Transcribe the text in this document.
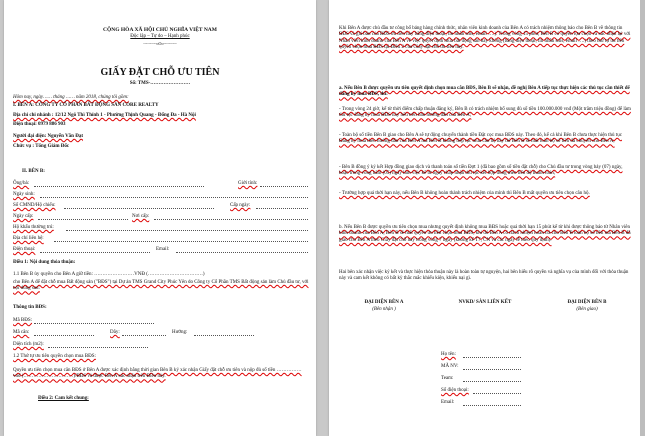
CỘNG HÒA XÃ HỘI CHỦ NGHĨA VIỆT NAM
Độc lập – Tự do – Hạnh phúc
----------oOo----------
GIẤY ĐẶT CHỖ ƯU TIÊN
Số: TMS-……………………
Hôm nay, ngày…… tháng …… năm 2018, chúng tôi gồm:
I. BÊN A: CÔNG TY CỔ PHẦN BẤT ĐỘNG SẢN CORE REALTY
Địa chỉ chi nhánh : 12/12 Ngô Thì Thính 1 - Phường Thịnh Quang - Đống Đa - Hà Nội
Điện thoại: 0979 886 903
Người đại diện: Nguyễn Văn Đạt
Chức vụ : Tổng Giám Đốc
II. BÊN B:
Ông/bà:	Giới tính:
Ngày sinh:
Số CMND/Hộ chiếu:	Cấp ngày:
Ngày cấp:	Nơi cấp:
Hộ khẩu thường trú:
Địa chỉ liên hệ:
Điện thoại:	Email:
Điều 1: Nội dung thỏa thuận:
1.1 Bên B ủy quyền cho Bên A giữ tiền: ……………………VNĐ (……………………………)
cho Bên A để đặt chỗ mua Bất động sản ("BĐS") tại Dự án TMS Grand City Phúc Yên do Công ty Cổ Phần TMS Bất động sản làm Chủ đầu tư, với nội dung sau:
Thông tin BĐS:
Mã BĐS:
Mã căn:	Dãy:	Hướng:
Diện tích (m2):
1.2 Thứ tự ưu tiên quyền chọn mua BĐS:
Quyền ưu tiên chọn mua căn BĐS ở Bên A được xác định bằng thời gian Bên B ký xác nhận Giấy đặt chỗ ưu tiên và nộp đủ số tiền ……………vnđ (…………………………)/BĐS và được Bên A xác nhận trên Điều này.
Điều 2: Cam kết chung:
Khi Bên A được chủ đầu tư công bố bảng hàng chính thức, nhân viên kinh doanh của Bên A có trách nhiệm thông báo cho Bên B về thông tin BĐS và giá bán của BĐS ưu tiên này bằng điện thoại, tin nhắn sms, email ….). Trong vòng 15 phút, Bên B có quyền lựa chọn và xác nhận lại với Nhân viên kinh doanh của Bên A về việc quyết định mua bất động sản hay không (bằng điện thoại, tin nhắn sms, email ….) theo thứ tự ưu tiên quyền chọn mua BĐS tại Điều 2 của Giấy đặt chỗ ưu tiên này.
a. Nếu Bên B được quyền ưu tiên quyết định chọn mua căn BĐS, Bên B sẽ nhận, đề nghị Bên A tiếp tục thực hiện các thủ tục cần thiết để đăng ký mua BĐS, thì:
- Trong vòng 24 giờ, kể từ thời điểm chấp thuận đăng ký, Bên B có trách nhiệm bổ sung đủ số tiền 100.000.000 vnđ (Một trăm triệu đồng) để làm thủ tục đăng ký mua BĐS này nếu trên bản hướng dẫn của Bên A;
- Toàn bộ số tiền Bên B giao cho Bên A sẽ tự động chuyển thành tiền Đặt cọc mua BĐS này. Theo đó, kể cả khi Bên B chưa thực hiện thủ tục Đăng ký mua theo hướng dẫn của Bên A mà Bên B không tiếp tục mua căn hộ này thì Bên B sẽ mất toàn bộ số tiền đã chuyển cho Bên A;
- Bên B đồng ý ký kết Hợp đồng giao dịch và thanh toán số tiền Đợt 1 (đã bao gồm số tiền đặt chỗ) cho Chủ đầu tư trong vòng bảy (07) ngày, hoặc trong vòng năm (05) ngày làm việc kể từ ngày chấp nhận thủ tục kết hợp đồng theo tiến độ thanh toán;
- Trường hợp quá thời hạn này, nếu Bên B không hoàn thành trách nhiệm của mình thì Bên B mất quyền ưu tiên chọn căn hộ.
b. Nếu Bên B được quyền ưu tiên chọn mua nhưng quyết định không mua BĐS hoặc quá thời hạn 15 phút kể từ khi được thông báo từ Nhân viên kinh doanh của Bên A, Bên B sẽ mất quyền ưu tiên chọn mua BĐS, khi đó Bên A có trách nhiệm hoàn trả cho Bên B toàn bộ số tiền mà Bên B đã giao cho Bên A theo Giấy đặt chỗ này trong vòng 7 ngày (không kể T7, CN và các ngày lễ theo quy định).
Hai bên xác nhận việc ký kết và thực hiện thỏa thuận này là hoàn toàn tự nguyện, hai bên hiểu rõ quyền và nghĩa vụ của mình đối với thỏa thuận này và cam kết không có bất kỳ thắc mắc khiếu kiện, khiếu nại gì.
ĐẠI DIỆN BÊN A
(Bên nhận )
NVKD/ SÀN LIÊN KẾT	ĐẠI DIỆN BÊN B
(Bên giao)
Họ tên:
MÃ NV:
Team:
Số điện thoại:
Email:
